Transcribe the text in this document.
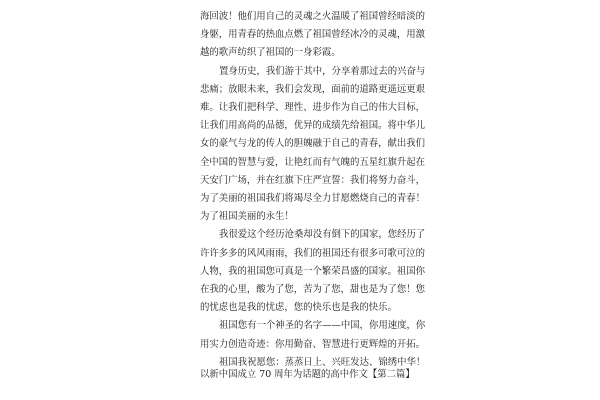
海回波！他们用自己的灵魂之火温暖了祖国曾经暗淡的
身躯，用青春的热血点燃了祖国曾经冰冷的灵魂，用激
越的歌声纺织了祖国的一身彩霞。
置身历史，我们游于其中，分享着那过去的兴奋与
悲痛；放眼未来，我们会发现，面前的道路更遥远更艰
难。让我们把科学、理性、进步作为自己的伟大目标，
让我们用高尚的品德，优异的成绩先给祖国。将中华儿
女的豪气与龙的传人的胆魄融于自己的青春，献出我们
全中国的智慧与爱，让艳红而有气魄的五星红旗升起在
天安门广场，并在红旗下庄严宣誓：我们将努力奋斗，
为了美丽的祖国我们将竭尽全力甘愿燃烧自己的青春！
为了祖国美丽的永生！
我很爱这个经历沧桑却没有倒下的国家，您经历了
许许多多的风风雨雨，我们的祖国还有很多可歌可泣的
人物，我的祖国您可真是一个繁荣昌盛的国家。祖国你
在我的心里，酸为了您，苦为了您，甜也是为了您！您
的忧虑也是我的忧虑，您的快乐也是我的快乐。
祖国您有一个神圣的名字——中国，你用速度，你
用实力创造奇迹：你用勤奋、智慧进行更辉煌的开拓。
祖国我祝愿您：蒸蒸日上、兴旺发达、锦绣中华！
以新中国成立 70 周年为话题的高中作文【第二篇】
